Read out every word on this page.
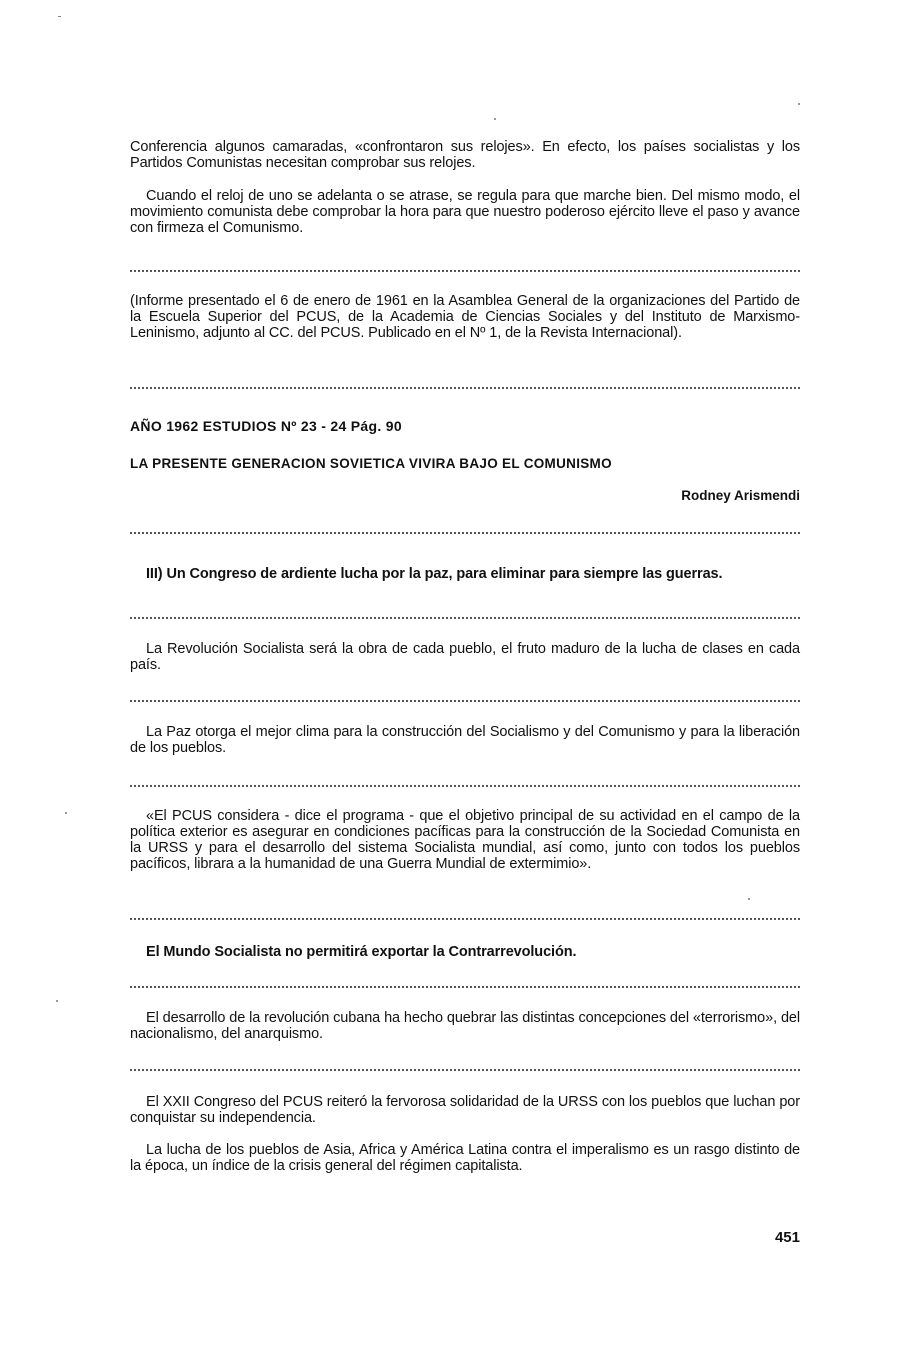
Conferencia algunos camaradas, «confrontaron sus relojes». En efecto, los países socialistas y los Partidos Comunistas necesitan comprobar sus relojes.

Cuando el reloj de uno se adelanta o se atrase, se regula para que marche bien. Del mismo modo, el movimiento comunista debe comprobar la hora para que nuestro poderoso ejército lleve el paso y avance con firmeza el Comunismo.

(Informe presentado el 6 de enero de 1961 en la Asamblea General de la organizaciones del Partido de la Escuela Superior del PCUS, de la Academia de Ciencias Sociales y del Instituto de Marxismo-Leninismo, adjunto al CC. del PCUS. Publicado en el Nº 1, de la Revista Internacional).

AÑO 1962 ESTUDIOS Nº 23 - 24 Pág. 90
LA PRESENTE GENERACION SOVIETICA VIVIRA BAJO EL COMUNISMO
Rodney Arismendi

III) Un Congreso de ardiente lucha por la paz, para eliminar para siempre las guerras.

La Revolución Socialista será la obra de cada pueblo, el fruto maduro de la lucha de clases en cada país.

La Paz otorga el mejor clima para la construcción del Socialismo y del Comunismo y para la liberación de los pueblos.

«El PCUS considera - dice el programa - que el objetivo principal de su actividad en el campo de la política exterior es asegurar en condiciones pacíficas para la construcción de la Sociedad Comunista en la URSS y para el desarrollo del sistema Socialista mundial, así como, junto con todos los pueblos pacíficos, librara a la humanidad de una Guerra Mundial de extermimio».

El Mundo Socialista no permitirá exportar la Contrarrevolución.

El desarrollo de la revolución cubana ha hecho quebrar las distintas concepciones del «terrorismo», del nacionalismo, del anarquismo.

El XXII Congreso del PCUS reiteró la fervorosa solidaridad de la URSS con los pueblos que luchan por conquistar su independencia.

La lucha de los pueblos de Asia, Africa y América Latina contra el imperalismo es un rasgo distinto de la época, un índice de la crisis general del régimen capitalista.

451
